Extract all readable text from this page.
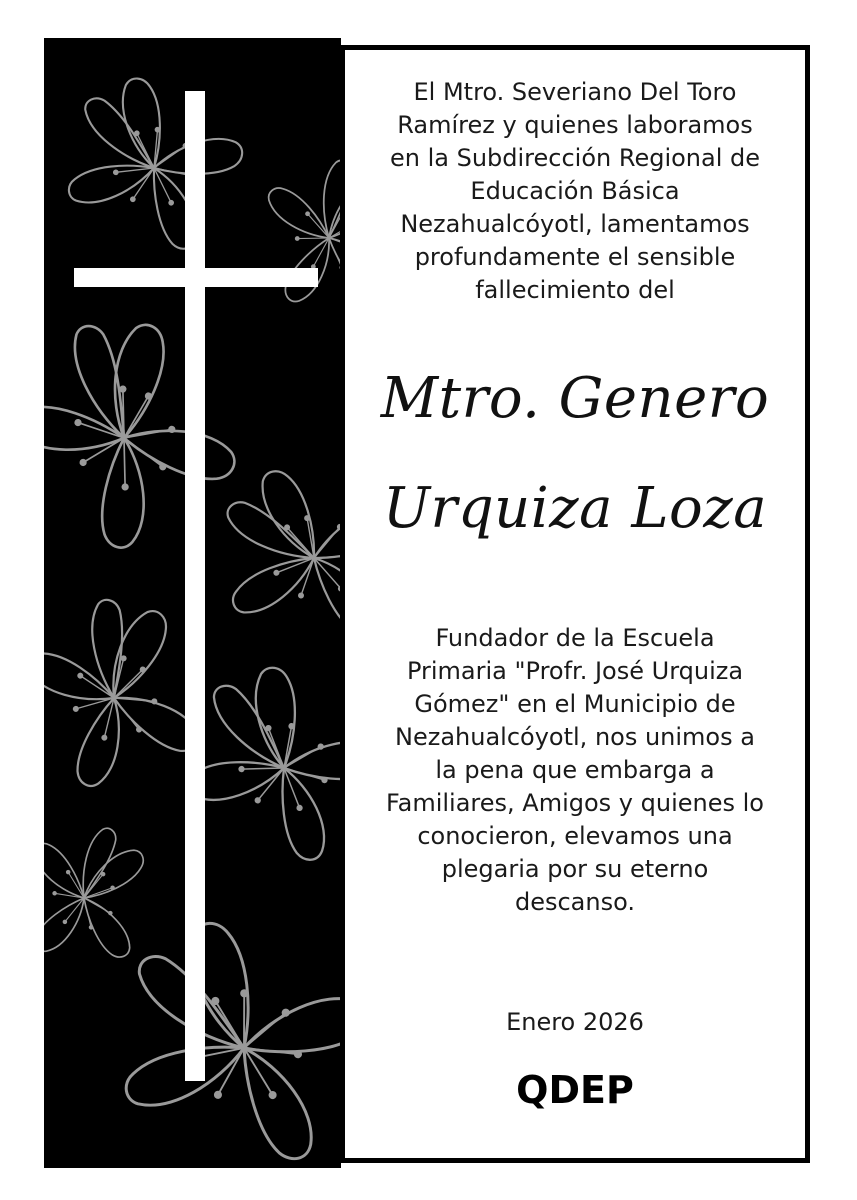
El Mtro. Severiano Del Toro
Ramírez y quienes laboramos
en la Subdirección Regional de
Educación Básica
Nezahualcóyotl, lamentamos
profundamente el sensible
fallecimiento del
Mtro. Genero
Urquiza Loza
Fundador de la Escuela
Primaria "Profr. José Urquiza
Gómez" en el Municipio de
Nezahualcóyotl, nos unimos a
la pena que embarga a
Familiares, Amigos y quienes lo
conocieron, elevamos una
plegaria por su eterno
descanso.
Enero 2026
QDEP
